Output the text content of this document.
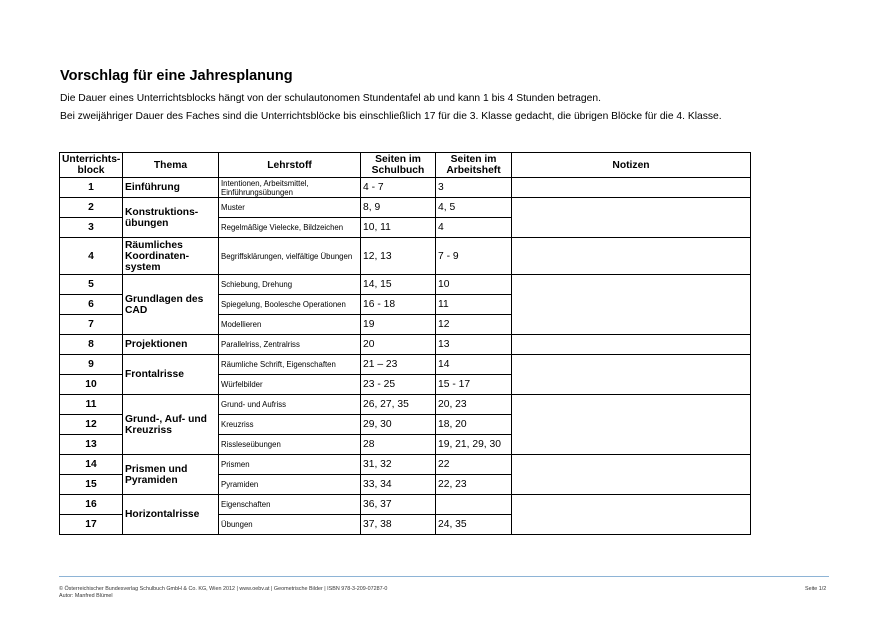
Vorschlag für eine Jahresplanung
Die Dauer eines Unterrichtsblocks hängt von der schulautonomen Stundentafel ab und kann 1 bis 4 Stunden betragen.
Bei zweijähriger Dauer des Faches sind die Unterrichtsblöcke bis einschließlich 17 für die 3. Klasse gedacht, die übrigen Blöcke für die 4. Klasse.
Unterrichts-block	Thema	Lehrstoff	Seiten im Schulbuch	Seiten im Arbeitsheft	Notizen
1	Einführung	Intentionen, Arbeitsmittel, Einführungsübungen	4 - 7	3	
2	Konstruktions-übungen	Muster	8, 9	4, 5	
3		Regelmäßige Vielecke, Bildzeichen	10, 11	4	
4	Räumliches Koordinaten-system	Begriffsklärungen, vielfältige Übungen	12, 13	7 - 9	
5	Grundlagen des CAD	Schiebung, Drehung	14, 15	10	
6		Spiegelung, Boolesche Operationen	16 - 18	11	
7		Modellieren	19	12	
8	Projektionen	Parallelriss, Zentralriss	20	13	
9	Frontalrisse	Räumliche Schrift, Eigenschaften	21 – 23	14	
10		Würfelbilder	23 - 25	15 - 17	
11	Grund-, Auf- und Kreuzriss	Grund- und Aufriss	26, 27, 35	20, 23	
12		Kreuzriss	29, 30	18, 20	
13		Rissleseübungen	28	19, 21, 29, 30	
14	Prismen und Pyramiden	Prismen	31, 32	22	
15		Pyramiden	33, 34	22, 23	
16	Horizontalrisse	Eigenschaften	36, 37		
17		Übungen	37, 38	24, 35	
© Österreichischer Bundesverlag Schulbuch GmbH & Co. KG, Wien 2012 | www.oebv.at | Geometrische Bilder | ISBN 978-3-209-07287-0
Autor: Manfred Blümel
Seite 1/2
